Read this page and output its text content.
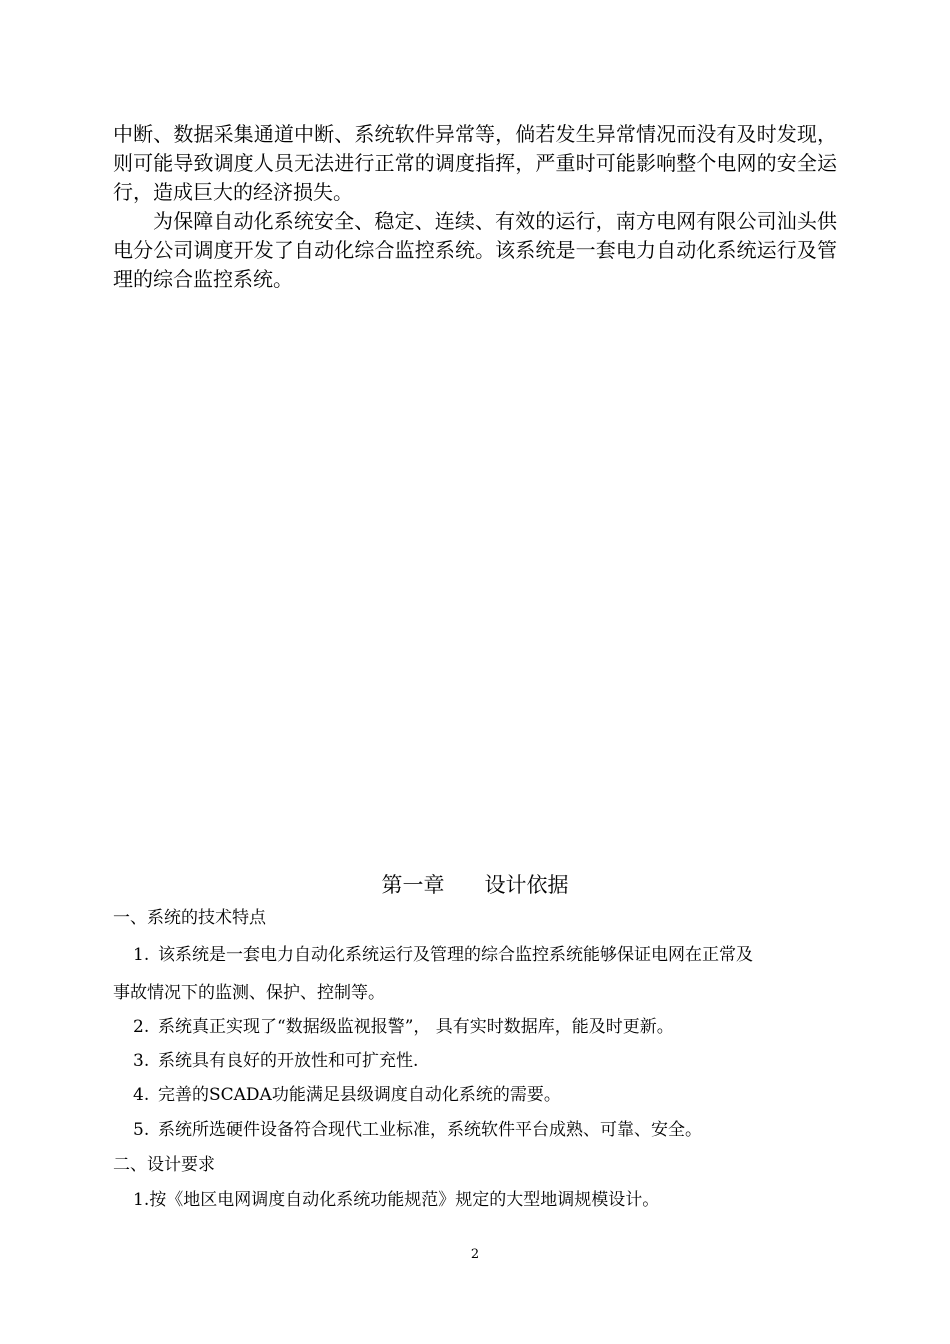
中断、数据采集通道中断、系统软件异常等，倘若发生异常情况而没有及时发现，则可能导致调度人员无法进行正常的调度指挥，严重时可能影响整个电网的安全运行，造成巨大的经济损失。

为保障自动化系统安全、稳定、连续、有效的运行，南方电网有限公司汕头供电分公司调度开发了自动化综合监控系统。该系统是一套电力自动化系统运行及管理的综合监控系统。

第一章 设计依据
一、系统的技术特点
1. 该系统是一套电力自动化系统运行及管理的综合监控系统能够保证电网在正常及
事故情况下的监测、保护、控制等。
2. 系统真正实现了“数据级监视报警”， 具有实时数据库，能及时更新。
3. 系统具有良好的开放性和可扩充性.
4. 完善的SCADA功能满足县级调度自动化系统的需要。
5. 系统所选硬件设备符合现代工业标准，系统软件平台成熟、可靠、安全。
二、设计要求
1.按《地区电网调度自动化系统功能规范》规定的大型地调规模设计。
2
